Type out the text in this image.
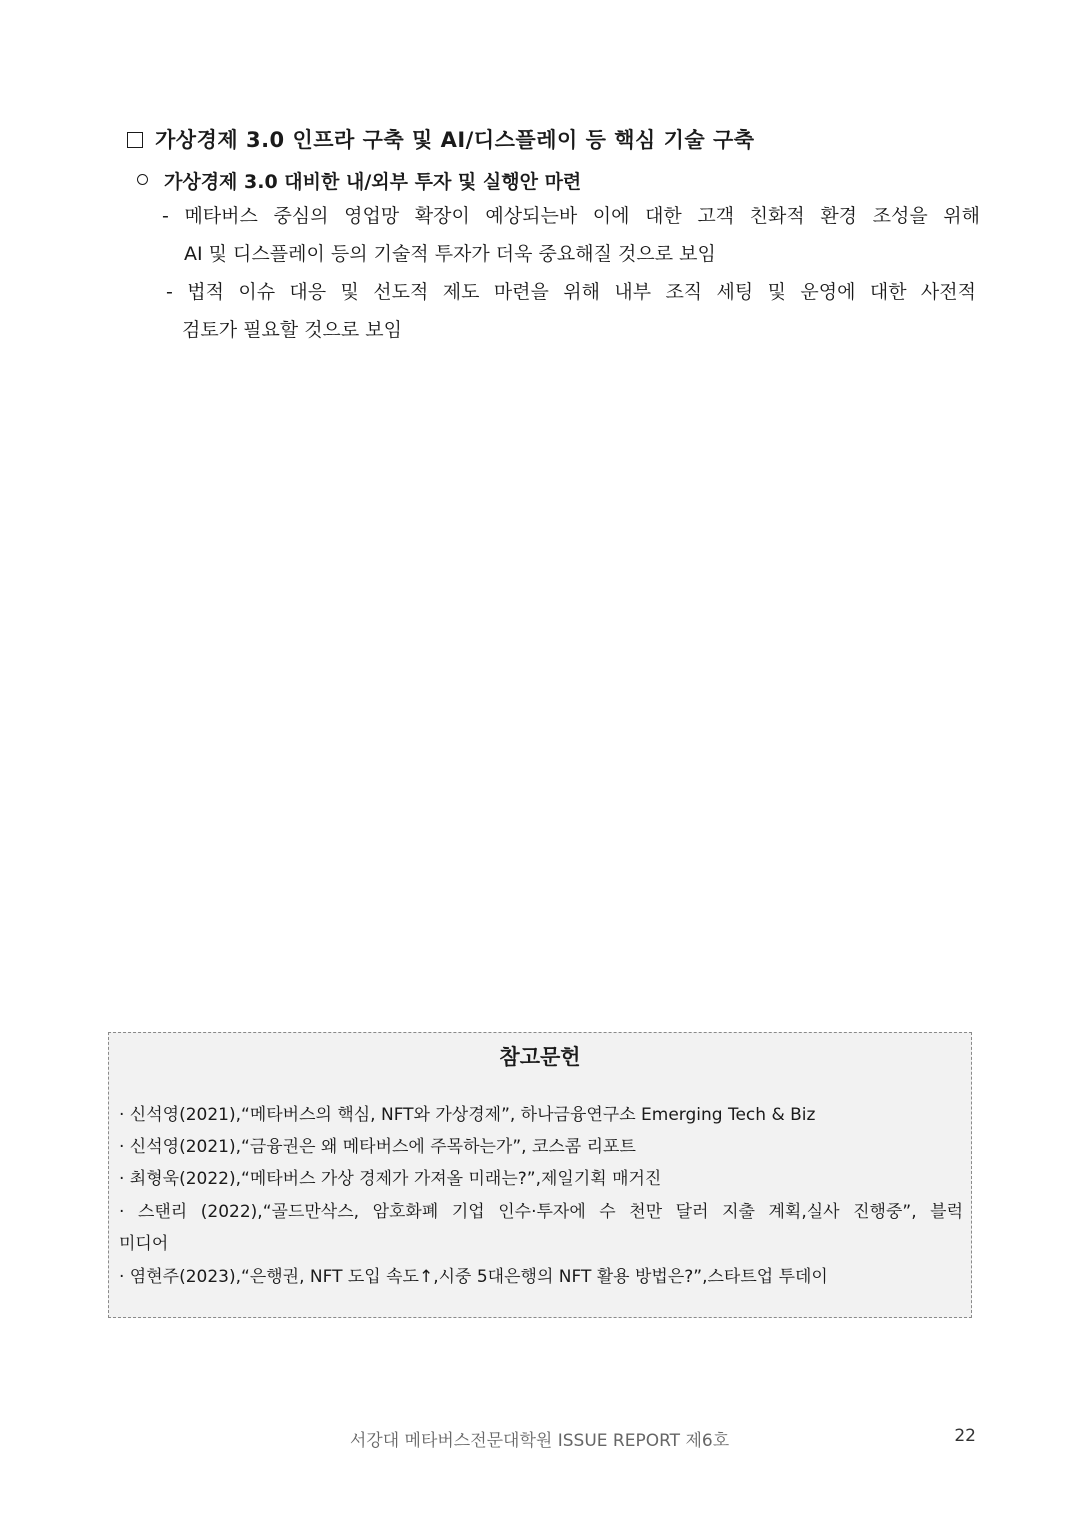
가상경제 3.0 인프라 구축 및 AI/디스플레이 등 핵심 기술 구축
가상경제 3.0 대비한 내/외부 투자 및 실행안 마련
- 메타버스 중심의 영업망 확장이 예상되는바 이에 대한 고객 친화적 환경 조성을 위해
AI 및 디스플레이 등의 기술적 투자가 더욱 중요해질 것으로 보임
- 법적 이슈 대응 및 선도적 제도 마련을 위해 내부 조직 세팅 및 운영에 대한 사전적
검토가 필요할 것으로 보임
참고문헌
· 신석영(2021),“메타버스의 핵심, NFT와 가상경제”, 하나금융연구소 Emerging Tech & Biz
· 신석영(2021),“금융권은 왜 메타버스에 주목하는가”, 코스콤 리포트
· 최형욱(2022),“메타버스 가상 경제가 가져올 미래는?”,제일기획 매거진
· 스탠리 (2022),“골드만삭스, 암호화폐 기업 인수·투자에 수 천만 달러 지출 계획,실사 진행중”, 블럭
미디어
· 염현주(2023),“은행권, NFT 도입 속도↑,시중 5대은행의 NFT 활용 방법은?”,스타트업 투데이
서강대 메타버스전문대학원 ISSUE REPORT 제6호	22
